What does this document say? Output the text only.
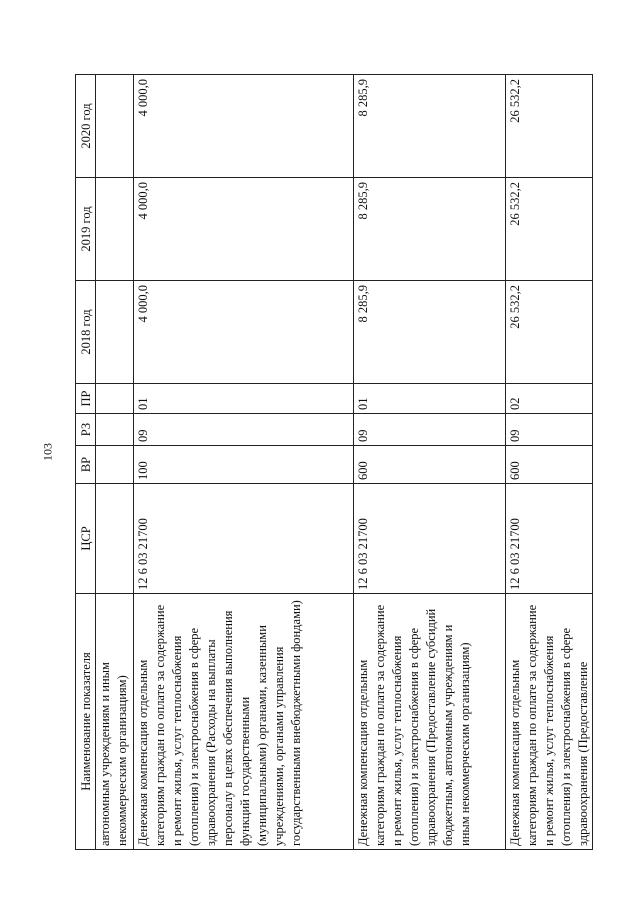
103
Наименование показателя	ЦСР	ВР	РЗ	ПР	2018 год	2019 год	2020 год
автономным учреждениям и иным некоммерческим организациям)							
Денежная компенсация отдельным категориям граждан по оплате за содержание и ремонт жилья, услуг теплоснабжения (отопления) и электроснабжения в сфере здравоохранения (Расходы на выплаты персоналу в целях обеспечения выполнения функций государственными (муниципальными) органами, казенными учреждениями, органами управления государственными внебюджетными фондами)	12 6 03 21700	100	09	01	4 000,0	4 000,0	4 000,0
Денежная компенсация отдельным категориям граждан по оплате за содержание и ремонт жилья, услуг теплоснабжения (отопления) и электроснабжения в сфере здравоохранения (Предоставление субсидий бюджетным, автономным учреждениям и иным некоммерческим организациям)	12 6 03 21700	600	09	01	8 285,9	8 285,9	8 285,9
Денежная компенсация отдельным категориям граждан по оплате за содержание и ремонт жилья, услуг теплоснабжения (отопления) и электроснабжения в сфере здравоохранения (Предоставление	12 6 03 21700	600	09	02	26 532,2	26 532,2	26 532,2
